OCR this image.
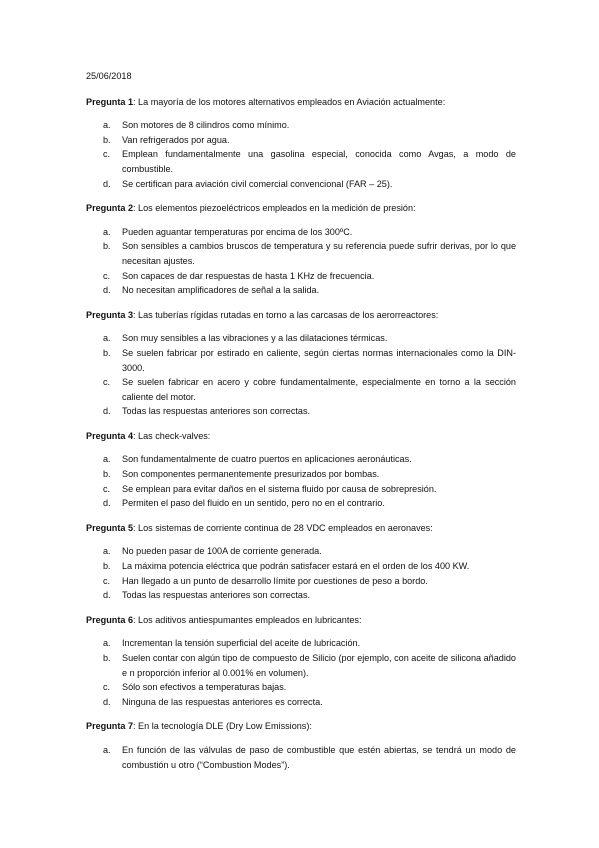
25/06/2018

Pregunta 1: La mayoría de los motores alternativos empleados en Aviación actualmente:

a. Son motores de 8 cilindros como mínimo.
b. Van refrigerados por agua.
c. Emplean fundamentalmente una gasolina especial, conocida como Avgas, a modo de combustible.
d. Se certifican para aviación civil comercial convencional (FAR – 25).

Pregunta 2: Los elementos piezoeléctricos empleados en la medición de presión:

a. Pueden aguantar temperaturas por encima de los 300ºC.
b. Son sensibles a cambios bruscos de temperatura y su referencia puede sufrir derivas, por lo que necesitan ajustes.
c. Son capaces de dar respuestas de hasta 1 KHz de frecuencia.
d. No necesitan amplificadores de señal a la salida.

Pregunta 3: Las tuberías rígidas rutadas en torno a las carcasas de los aerorreactores:

a. Son muy sensibles a las vibraciones y a las dilataciones térmicas.
b. Se suelen fabricar por estirado en caliente, según ciertas normas internacionales como la DIN-3000.
c. Se suelen fabricar en acero y cobre fundamentalmente, especialmente en torno a la sección caliente del motor.
d. Todas las respuestas anteriores son correctas.

Pregunta 4: Las check-valves:

a. Son fundamentalmente de cuatro puertos en aplicaciones aeronáuticas.
b. Son componentes permanentemente presurizados por bombas.
c. Se emplean para evitar daños en el sistema fluido por causa de sobrepresión.
d. Permiten el paso del fluido en un sentido, pero no en el contrario.

Pregunta 5: Los sistemas de corriente continua de 28 VDC empleados en aeronaves:

a. No pueden pasar de 100A de corriente generada.
b. La máxima potencia eléctrica que podrán satisfacer estará en el orden de los 400 KW.
c. Han llegado a un punto de desarrollo límite por cuestiones de peso a bordo.
d. Todas las respuestas anteriores son correctas.

Pregunta 6: Los aditivos antiespumantes empleados en lubricantes:

a. Incrementan la tensión superficial del aceite de lubricación.
b. Suelen contar con algún tipo de compuesto de Silicio (por ejemplo, con aceite de silicona añadido e n proporción inferior al 0.001% en volumen).
c. Sólo son efectivos a temperaturas bajas.
d. Ninguna de las respuestas anteriores es correcta.

Pregunta 7: En la tecnología DLE (Dry Low Emissions):

a. En función de las válvulas de paso de combustible que estén abiertas, se tendrá un modo de combustión u otro (“Combustion Modes”).
